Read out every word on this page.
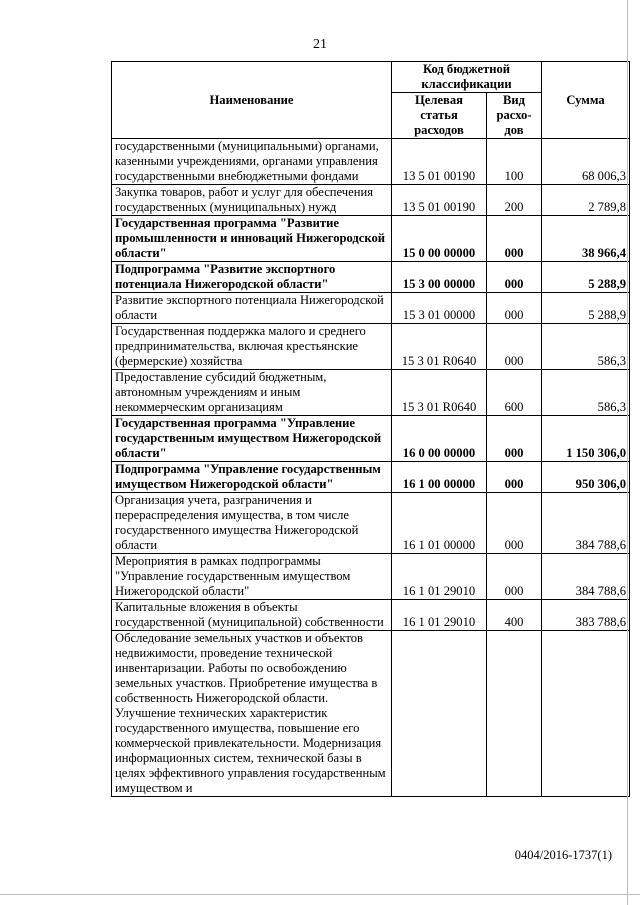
21
Наименование	Код бюджетной классификации		Сумма
	Целевая статья расходов	Вид расхо-дов	
государственными (муниципальными) органами, казенными учреждениями, органами управления государственными внебюджетными фондами	13 5 01 00190	100	68 006,3
Закупка товаров, работ и услуг для обеспечения государственных (муниципальных) нужд	13 5 01 00190	200	2 789,8
Государственная программа "Развитие промышленности и инноваций Нижегородской области"	15 0 00 00000	000	38 966,4
Подпрограмма "Развитие экспортного потенциала Нижегородской области"	15 3 00 00000	000	5 288,9
Развитие экспортного потенциала Нижегородской области	15 3 01 00000	000	5 288,9
Государственная поддержка малого и среднего предпринимательства, включая крестьянские (фермерские) хозяйства	15 3 01 R0640	000	586,3
Предоставление субсидий бюджетным, автономным учреждениям и иным некоммерческим организациям	15 3 01 R0640	600	586,3
Государственная программа "Управление государственным имуществом Нижегородской области"	16 0 00 00000	000	1 150 306,0
Подпрограмма "Управление государственным имуществом Нижегородской области"	16 1 00 00000	000	950 306,0
Организация учета, разграничения и перераспределения имущества, в том числе государственного имущества Нижегородской области	16 1 01 00000	000	384 788,6
Мероприятия в рамках подпрограммы "Управление государственным имуществом Нижегородской области"	16 1 01 29010	000	384 788,6
Капитальные вложения в объекты государственной (муниципальной) собственности	16 1 01 29010	400	383 788,6
Обследование земельных участков и объектов недвижимости, проведение технической инвентаризации. Работы по освобождению земельных участков. Приобретение имущества в собственность Нижегородской области. Улучшение технических характеристик государственного имущества, повышение его коммерческой привлекательности. Модернизация информационных систем, технической базы в целях эффективного управления государственным имуществом и			
0404/2016-1737(1)
